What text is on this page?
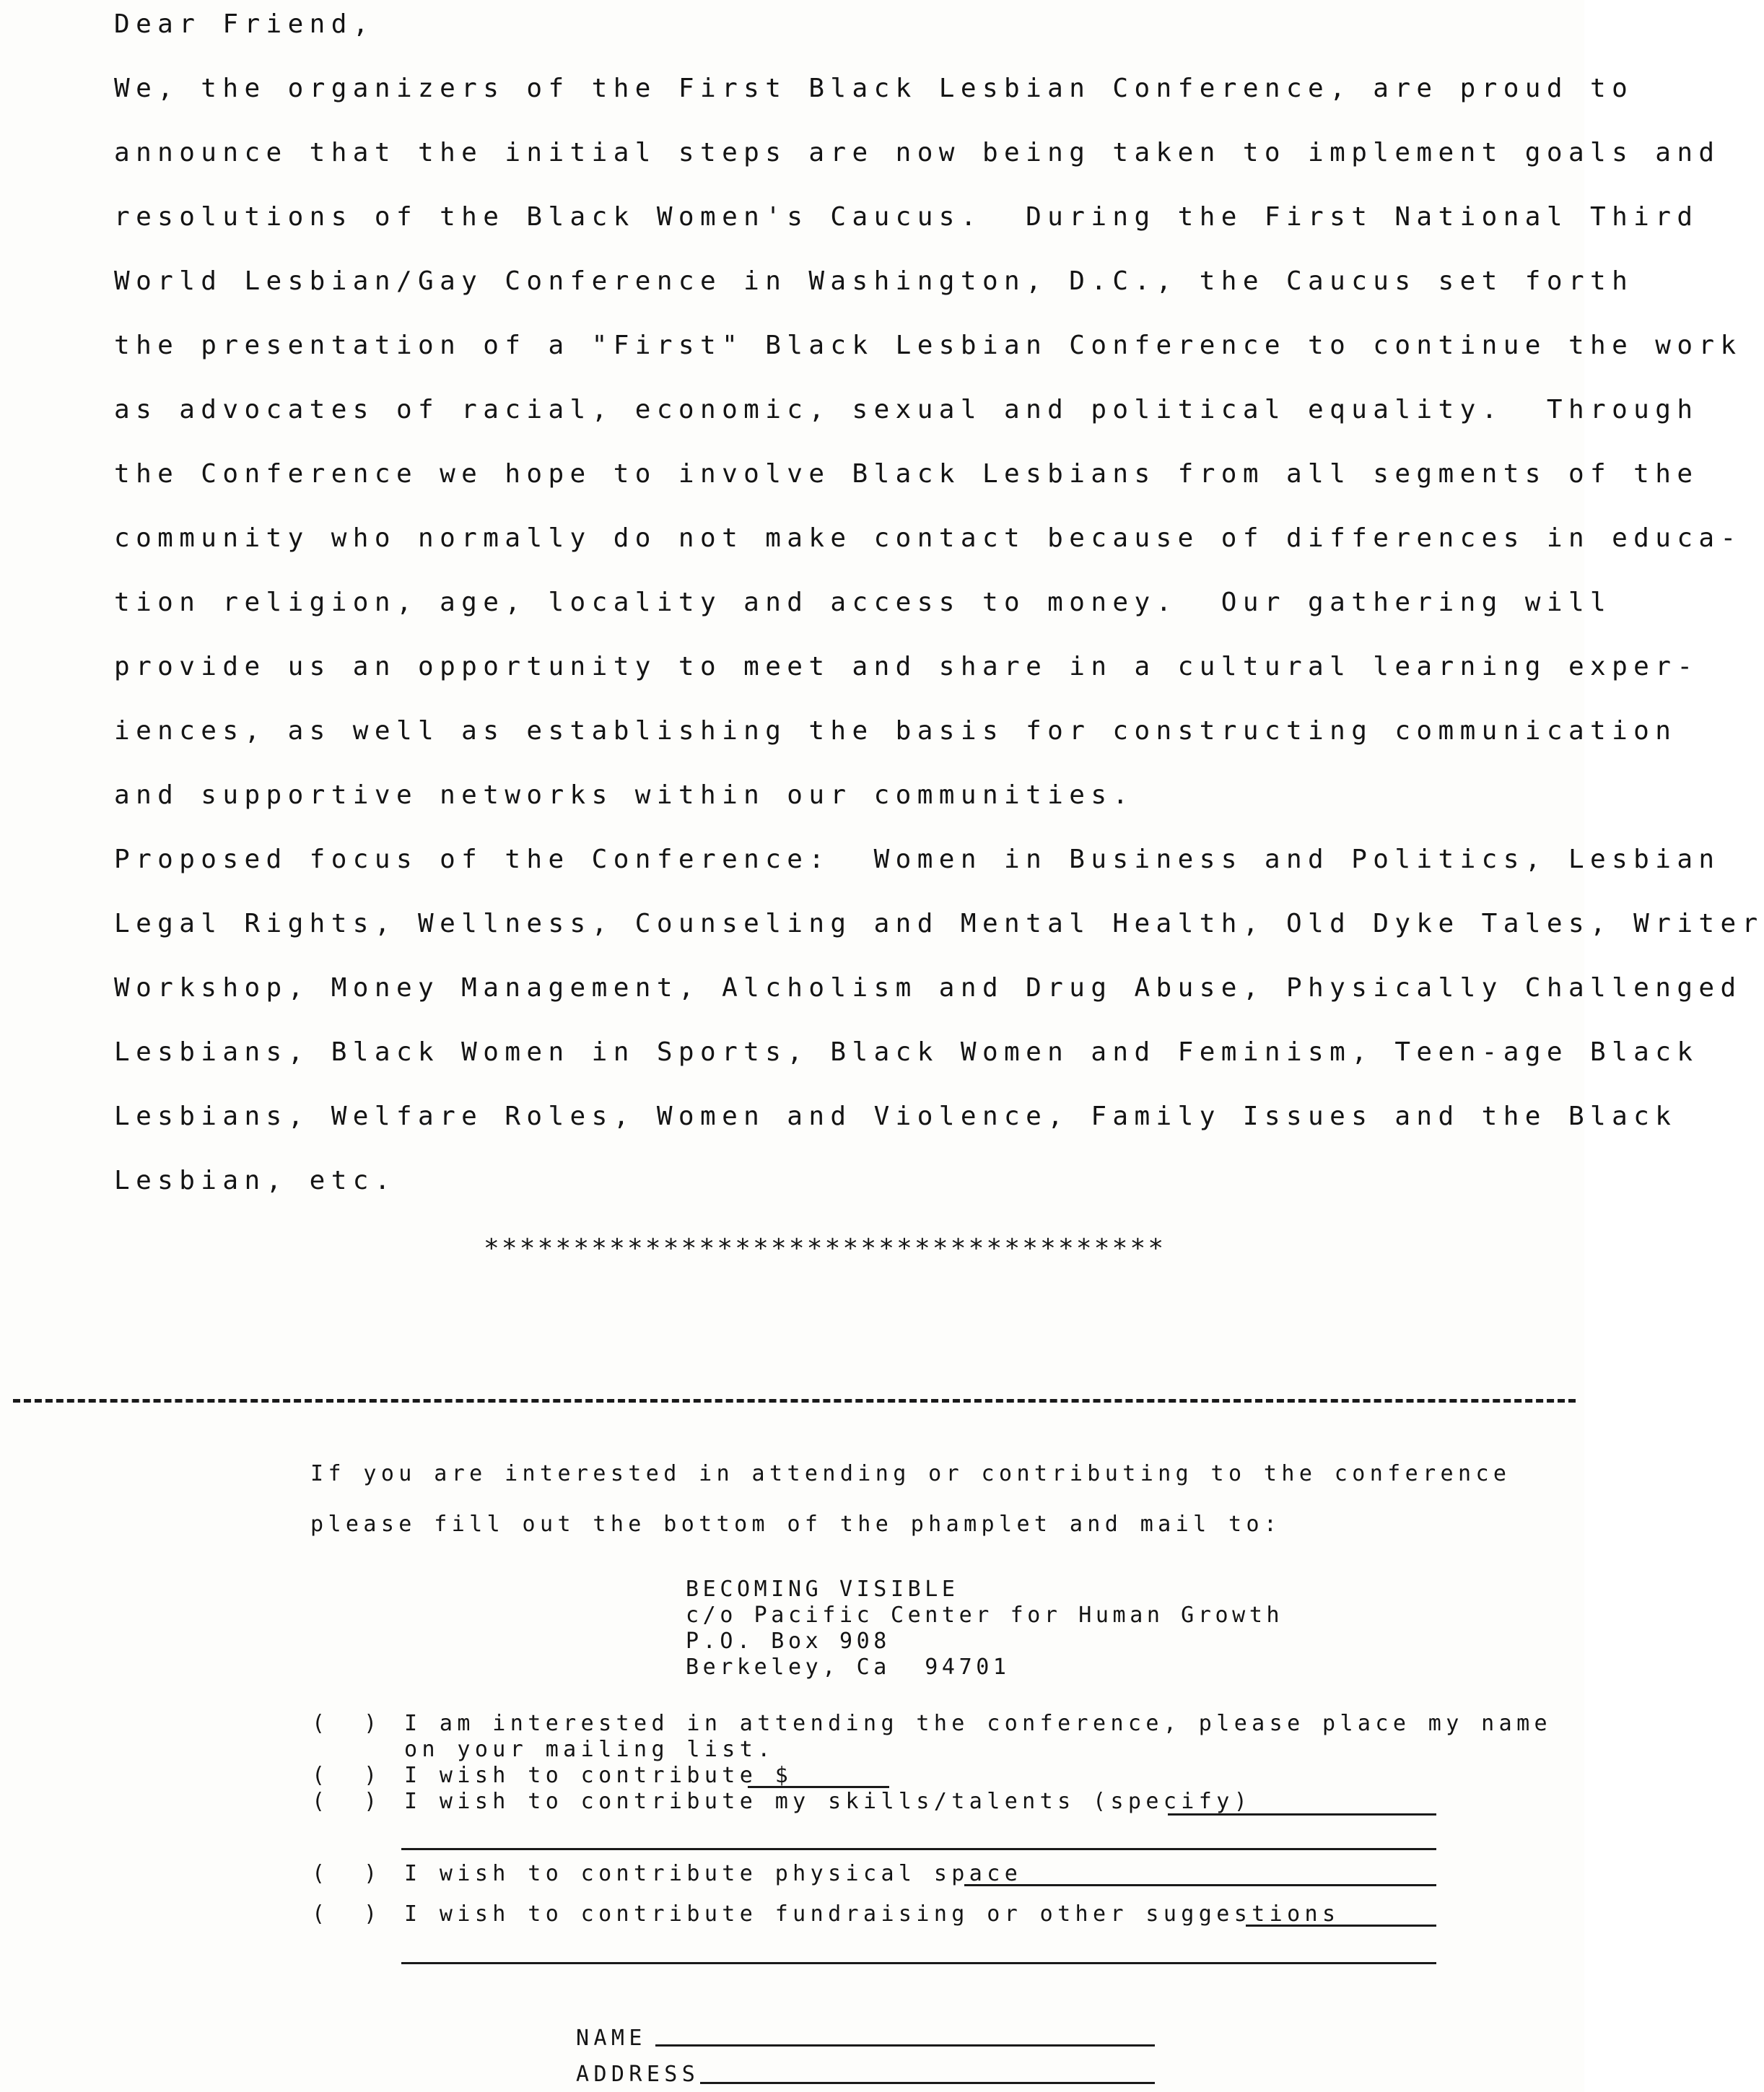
Dear Friend,
We, the organizers of the First Black Lesbian Conference, are proud to
announce that the initial steps are now being taken to implement goals and
resolutions of the Black Women's Caucus.  During the First National Third
World Lesbian/Gay Conference in Washington, D.C., the Caucus set forth
the presentation of a "First" Black Lesbian Conference to continue the work
as advocates of racial, economic, sexual and political equality.  Through
the Conference we hope to involve Black Lesbians from all segments of the
community who normally do not make contact because of differences in educa-
tion religion, age, locality and access to money.  Our gathering will
provide us an opportunity to meet and share in a cultural learning exper-
iences, as well as establishing the basis for constructing communication
and supportive networks within our communities.
Proposed focus of the Conference:  Women in Business and Politics, Lesbian
Legal Rights, Wellness, Counseling and Mental Health, Old Dyke Tales, Writer
Workshop, Money Management, Alcholism and Drug Abuse, Physically Challenged
Lesbians, Black Women in Sports, Black Women and Feminism, Teen-age Black
Lesbians, Welfare Roles, Women and Violence, Family Issues and the Black
Lesbian, etc.
**************************************
If you are interested in attending or contributing to the conference
please fill out the bottom of the phamplet and mail to:
BECOMING VISIBLE
c/o Pacific Center for Human Growth
P.O. Box 908
Berkeley, Ca  94701
(  ) I am interested in attending the conference, please place my name
on your mailing list.
(  ) I wish to contribute $
(  ) I wish to contribute my skills/talents (specify)
(  ) I wish to contribute physical space
(  ) I wish to contribute fundraising or other suggestions
NAME
ADDRESS
